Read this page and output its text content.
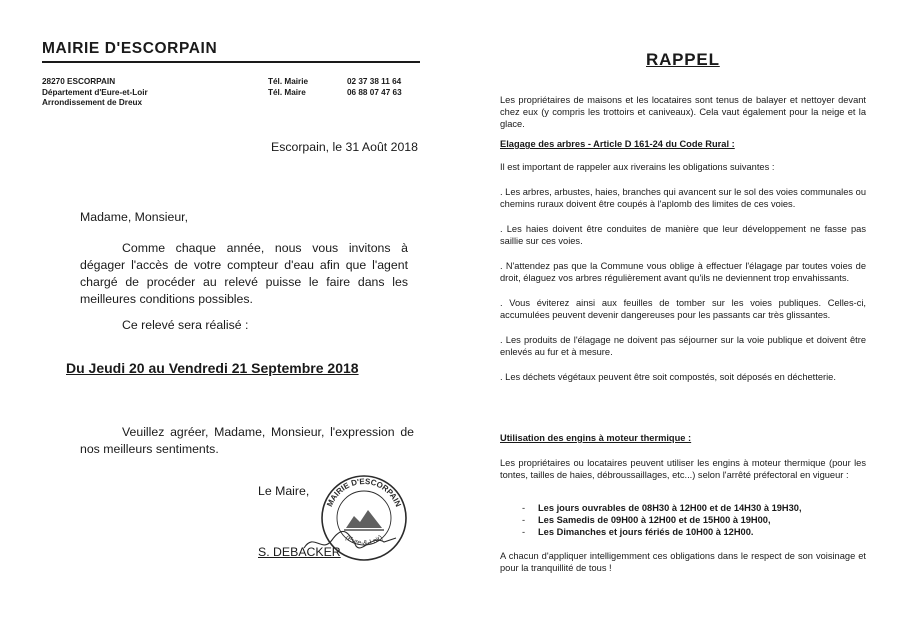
MAIRIE D'ESCORPAIN
28270 ESCORPAIN
Département d'Eure-et-Loir
Arrondissement de Dreux
Tél. Mairie
Tél. Maire
02 37 38 11 64
06 88 07 47 63
Escorpain, le 31 Août 2018
Madame, Monsieur,
Comme chaque année, nous vous invitons à dégager l'accès de votre compteur d'eau afin que l'agent chargé de procéder au relevé puisse le faire dans les meilleures conditions possibles.
Ce relevé sera réalisé :
Du Jeudi 20 au Vendredi 21 Septembre 2018
Veuillez agréer, Madame, Monsieur, l'expression de nos meilleurs sentiments.
Le Maire,
MAIRIE D'ESCORPAIN
(Eure-&-Loir)
S. DEBACKER
RAPPEL
Les propriétaires de maisons et les locataires sont tenus de balayer et nettoyer devant chez eux (y compris les trottoirs et caniveaux). Cela vaut également pour la neige et la glace.
Elagage des arbres - Article D 161-24 du Code Rural :
Il est important de rappeler aux riverains les obligations suivantes :

. Les arbres, arbustes, haies, branches qui avancent sur le sol des voies communales ou chemins ruraux doivent être coupés à l'aplomb des limites de ces voies.

. Les haies doivent être conduites de manière que leur développement ne fasse pas saillie sur ces voies.

. N'attendez pas que la Commune vous oblige à effectuer l'élagage par toutes voies de droit, élaguez vos arbres régulièrement avant qu'ils ne deviennent trop envahissants.

. Vous éviterez ainsi aux feuilles de tomber sur les voies publiques. Celles-ci, accumulées peuvent devenir dangereuses pour les passants car très glissantes.

. Les produits de l'élagage ne doivent pas séjourner sur la voie publique et doivent être enlevés au fur et à mesure.

. Les déchets végétaux peuvent être soit compostés, soit déposés en déchetterie.

Utilisation des engins à moteur thermique :
Les propriétaires ou locataires peuvent utiliser les engins à moteur thermique (pour les tontes, tailles de haies, débroussaillages, etc...) selon l'arrêté préfectoral en vigueur :
- Les jours ouvrables de 08H30 à 12H00 et de 14H30 à 19H30,
- Les Samedis de 09H00 à 12H00 et de 15H00 à 19H00,
- Les Dimanches et jours fériés de 10H00 à 12H00.
A chacun d'appliquer intelligemment ces obligations dans le respect de son voisinage et pour la tranquillité de tous !
